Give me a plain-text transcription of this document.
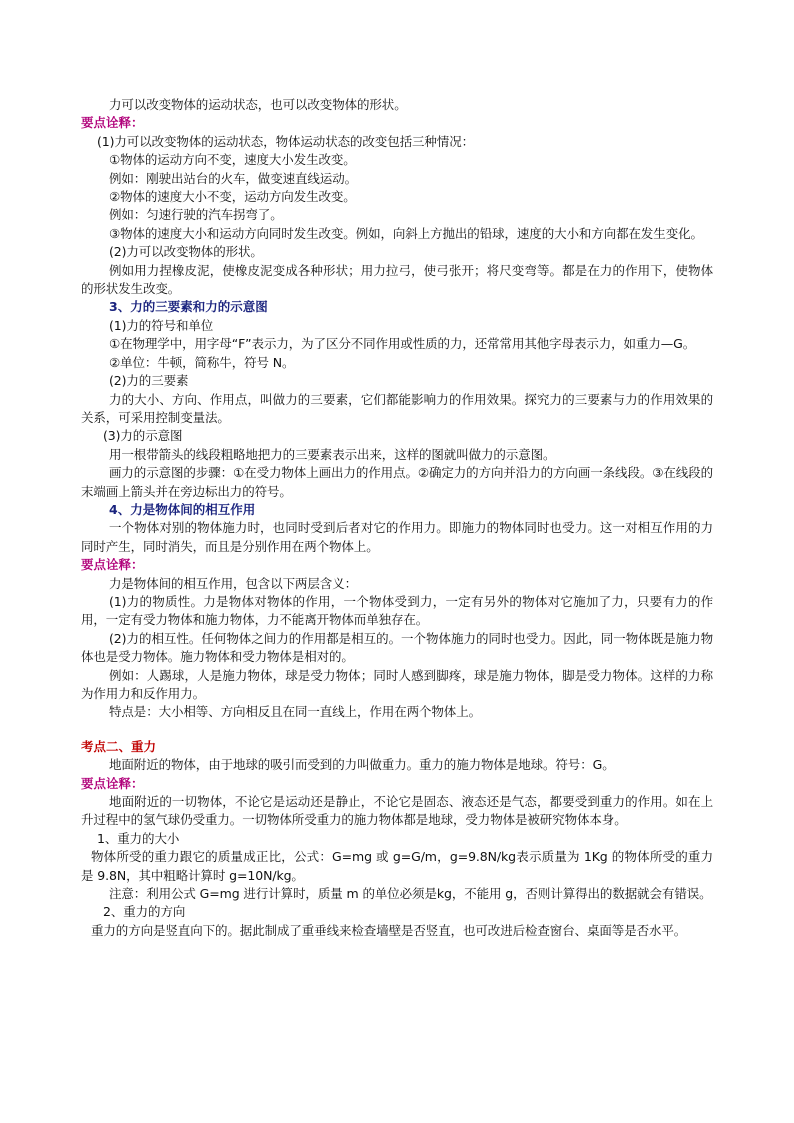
力可以改变物体的运动状态，也可以改变物体的形状。

要点诠释：

(1)力可以改变物体的运动状态，物体运动状态的改变包括三种情况：

①物体的运动方向不变，速度大小发生改变。

例如：刚驶出站台的火车，做变速直线运动。

②物体的速度大小不变，运动方向发生改变。

例如：匀速行驶的汽车拐弯了。

③物体的速度大小和运动方向同时发生改变。例如，向斜上方抛出的铅球，速度的大小和方向都在发生变化。

(2)力可以改变物体的形状。

例如用力捏橡皮泥，使橡皮泥变成各种形状；用力拉弓，使弓张开；将尺变弯等。都是在力的作用下，使物体的形状发生改变。

3、力的三要素和力的示意图

(1)力的符号和单位

①在物理学中，用字母“F”表示力，为了区分不同作用或性质的力，还常常用其他字母表示力，如重力—G。

②单位：牛顿，简称牛，符号 N。

(2)力的三要素

力的大小、方向、作用点，叫做力的三要素，它们都能影响力的作用效果。探究力的三要素与力的作用效果的关系，可采用控制变量法。

(3)力的示意图

用一根带箭头的线段粗略地把力的三要素表示出来，这样的图就叫做力的示意图。

画力的示意图的步骤：①在受力物体上画出力的作用点。②确定力的方向并沿力的方向画一条线段。③在线段的末端画上箭头并在旁边标出力的符号。

4、力是物体间的相互作用

一个物体对别的物体施力时，也同时受到后者对它的作用力。即施力的物体同时也受力。这一对相互作用的力同时产生，同时消失，而且是分别作用在两个物体上。

要点诠释：

力是物体间的相互作用，包含以下两层含义：

(1)力的物质性。力是物体对物体的作用，一个物体受到力，一定有另外的物体对它施加了力，只要有力的作用，一定有受力物体和施力物体，力不能离开物体而单独存在。

(2)力的相互性。任何物体之间力的作用都是相互的。一个物体施力的同时也受力。因此，同一物体既是施力物体也是受力物体。施力物体和受力物体是相对的。

例如：人踢球，人是施力物体，球是受力物体；同时人感到脚疼，球是施力物体，脚是受力物体。这样的力称为作用力和反作用力。

特点是：大小相等、方向相反且在同一直线上，作用在两个物体上。

考点二、重力

地面附近的物体，由于地球的吸引而受到的力叫做重力。重力的施力物体是地球。符号：G。

要点诠释：

地面附近的一切物体，不论它是运动还是静止，不论它是固态、液态还是气态，都要受到重力的作用。如在上升过程中的氢气球仍受重力。一切物体所受重力的施力物体都是地球，受力物体是被研究物体本身。

1、重力的大小

物体所受的重力跟它的质量成正比，公式：G=mg 或 g=G/m，g=9.8N/kg表示质量为 1Kg 的物体所受的重力是 9.8N，其中粗略计算时 g=10N/kg。

注意：利用公式 G=mg 进行计算时，质量 m 的单位必须是kg，不能用 g，否则计算得出的数据就会有错误。

2、重力的方向

重力的方向是竖直向下的。据此制成了重垂线来检查墙壁是否竖直，也可改进后检查窗台、桌面等是否水平。
